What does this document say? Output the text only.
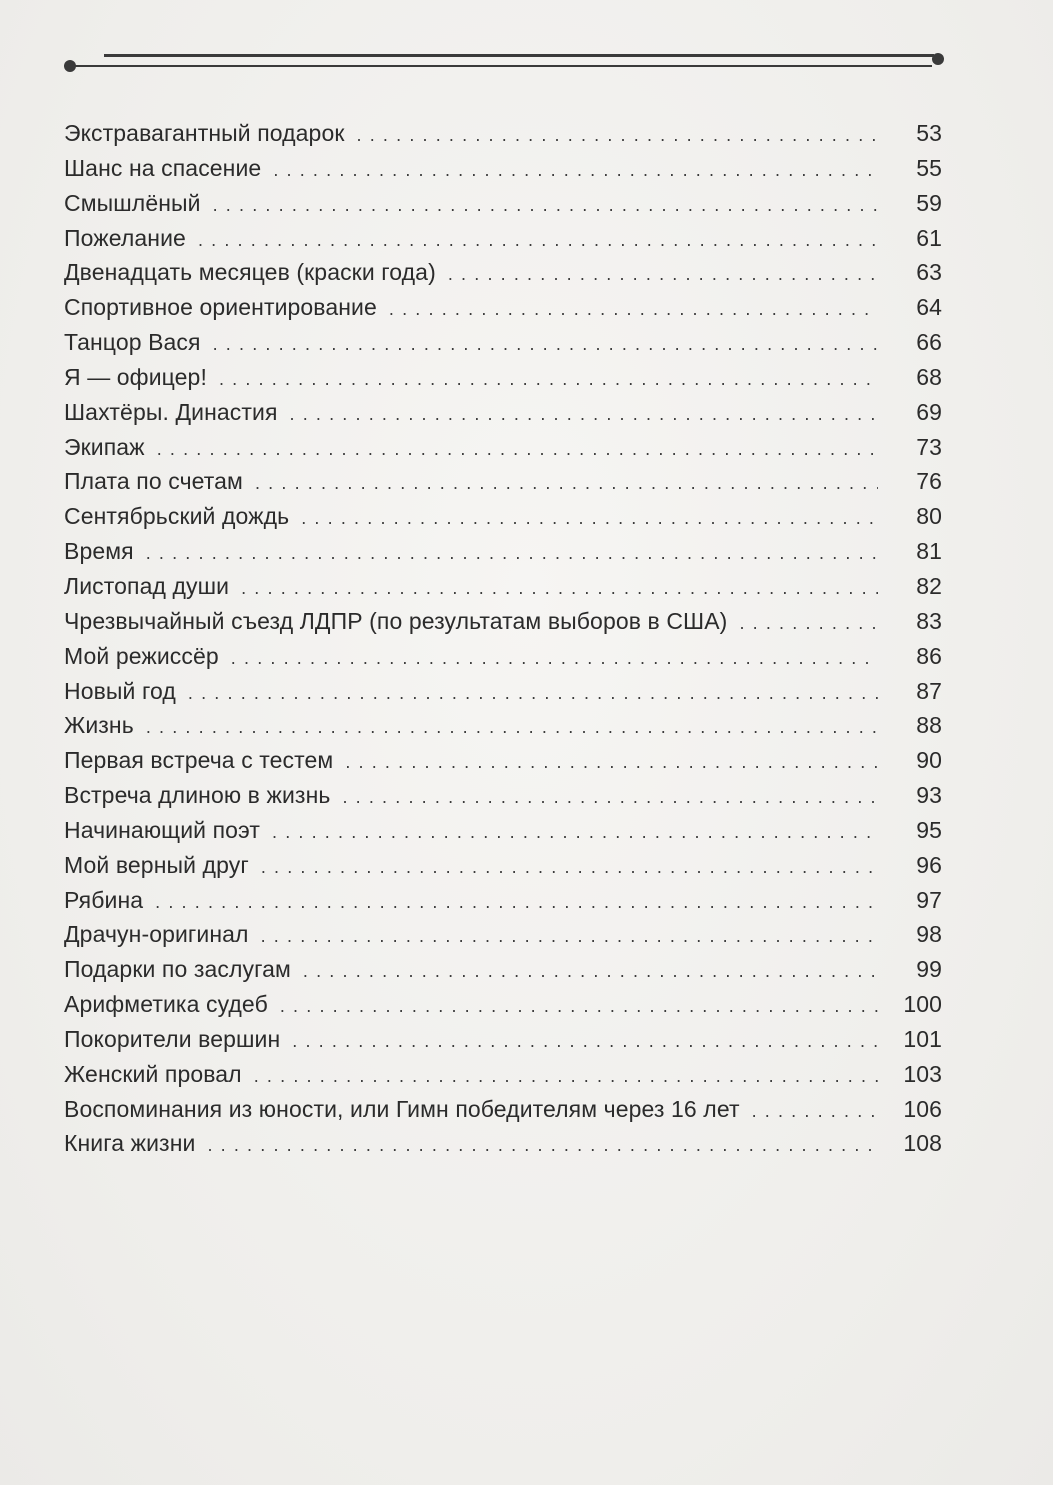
Экстравагантный подарок . . .	53
Шанс на спасение . . .	55
Смышлёный . . .	59
Пожелание . . .	61
Двенадцать месяцев (краски года) . . .	63
Спортивное ориентирование . . .	64
Танцор Вася . . .	66
Я — офицер! . . .	68
Шахтёры. Династия . . .	69
Экипаж . . .	73
Плата по счетам . . .	76
Сентябрьский дождь . . .	80
Время . . .	81
Листопад души . . .	82
Чрезвычайный съезд ЛДПР (по результатам выборов в США) . . .	83
Мой режиссёр . . .	86
Новый год . . .	87
Жизнь . . .	88
Первая встреча с тестем . . .	90
Встреча длиною в жизнь . . .	93
Начинающий поэт . . .	95
Мой верный друг . . .	96
Рябина . . .	97
Драчун-оригинал . . .	98
Подарки по заслугам . . .	99
Арифметика судеб . . .	100
Покорители вершин . . .	101
Женский провал . . .	103
Воспоминания из юности, или Гимн победителям через 16 лет . . .	106
Книга жизни . . .	108
